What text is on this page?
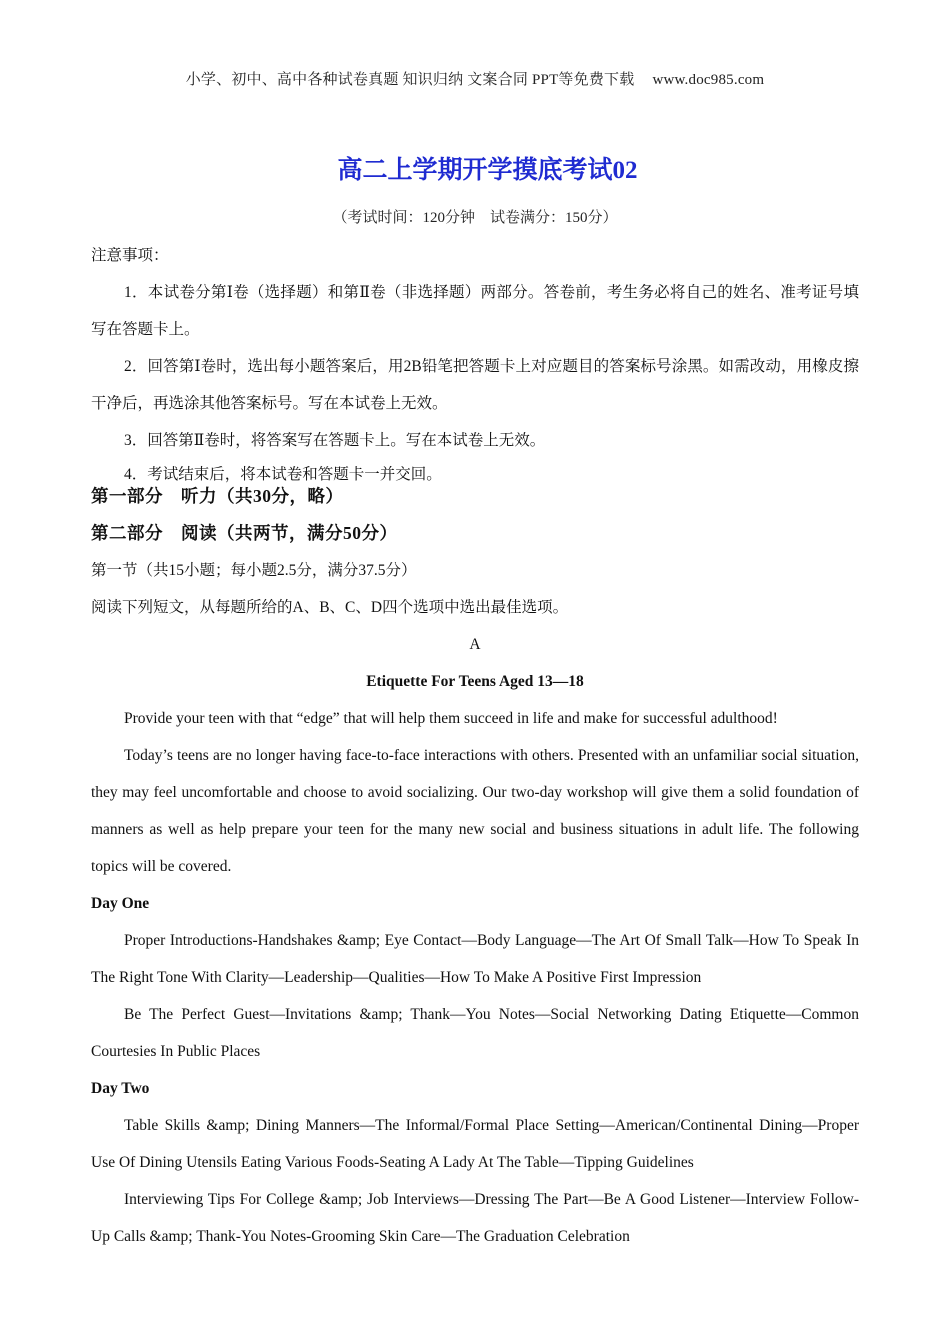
小学、初中、高中各种试卷真题 知识归纳 文案合同 PPT等免费下载 www.doc985.com
高二上学期开学摸底考试02
（考试时间：120分钟　试卷满分：150分）

注意事项：

1．本试卷分第Ⅰ卷（选择题）和第Ⅱ卷（非选择题）两部分。答卷前，考生务必将自己的姓名、准考证号填写在答题卡上。

2．回答第Ⅰ卷时，选出每小题答案后，用2B铅笔把答题卡上对应题目的答案标号涂黑。如需改动，用橡皮擦干净后，再选涂其他答案标号。写在本试卷上无效。

3．回答第Ⅱ卷时，将答案写在答题卡上。写在本试卷上无效。

4．考试结束后，将本试卷和答题卡一并交回。

第一部分　听力（共30分，略）

第二部分　阅读（共两节，满分50分）

第一节（共15小题；每小题2.5分，满分37.5分）

阅读下列短文，从每题所给的A、B、C、D四个选项中选出最佳选项。

A

Etiquette For Teens Aged 13—18

Provide your teen with that “edge” that will help them succeed in life and make for successful adulthood!

Today’s teens are no longer having face-to-face interactions with others. Presented with an unfamiliar social situation, they may feel uncomfortable and choose to avoid socializing. Our two-day workshop will give them a solid foundation of manners as well as help prepare your teen for the many new social and business situations in adult life. The following topics will be covered.

Day One

Proper Introductions-Handshakes &amp; Eye Contact—Body Language—The Art Of Small Talk—How To Speak In The Right Tone With Clarity—Leadership—Qualities—How To Make A Positive First Impression

Be The Perfect Guest—Invitations &amp; Thank—You Notes—Social Networking Dating Etiquette—Common Courtesies In Public Places

Day Two

Table Skills &amp; Dining Manners—The Informal/Formal Place Setting—American/Continental Dining—Proper Use Of Dining Utensils Eating Various Foods-Seating A Lady At The Table—Tipping Guidelines

Interviewing Tips For College &amp; Job Interviews—Dressing The Part—Be A Good Listener—Interview Follow-Up Calls &amp; Thank-You Notes-Grooming Skin Care—The Graduation Celebration
